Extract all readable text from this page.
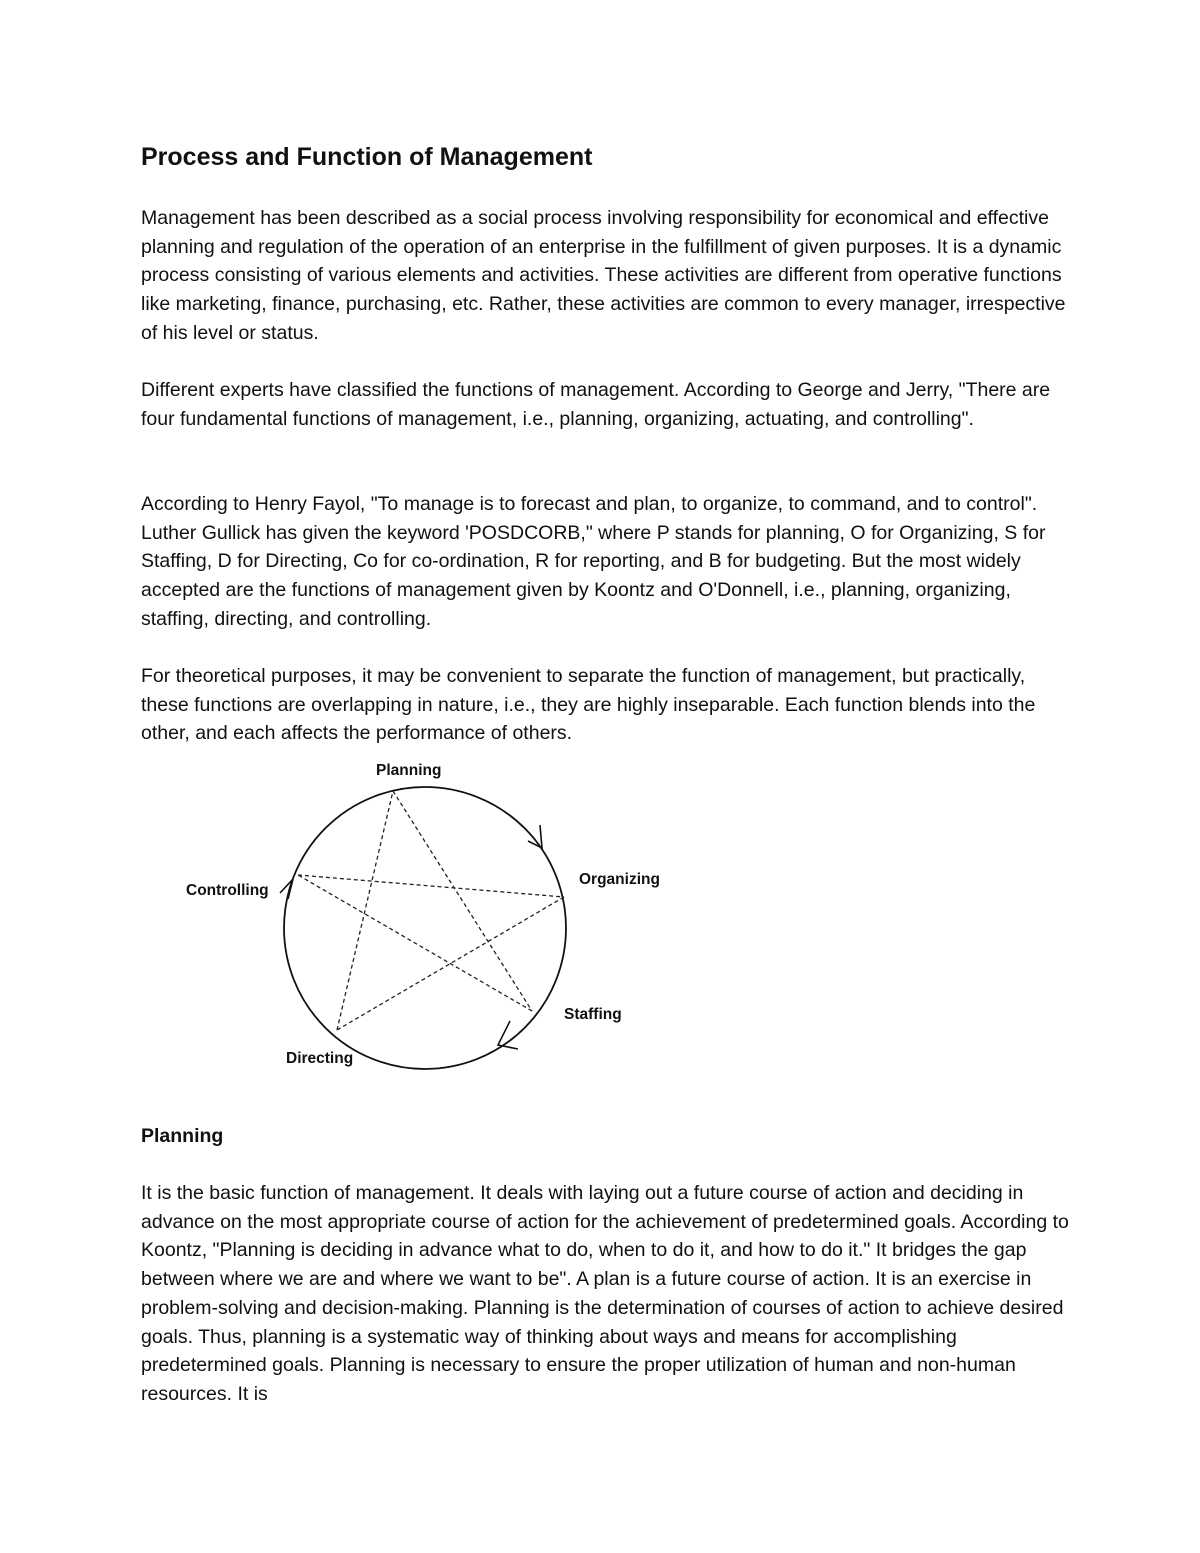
Process and Function of Management

Management has been described as a social process involving responsibility for economical and effective planning and regulation of the operation of an enterprise in the fulfillment of given purposes. It is a dynamic process consisting of various elements and activities. These activities are different from operative functions like marketing, finance, purchasing, etc. Rather, these activities are common to every manager, irrespective of his level or status.

Different experts have classified the functions of management. According to George and Jerry, "There are four fundamental functions of management, i.e., planning, organizing, actuating, and controlling".

According to Henry Fayol, "To manage is to forecast and plan, to organize, to command, and to control". Luther Gullick has given the keyword 'POSDCORB," where P stands for planning, O for Organizing, S for Staffing, D for Directing, Co for co-ordination, R for reporting, and B for budgeting. But the most widely accepted are the functions of management given by Koontz and O'Donnell, i.e., planning, organizing, staffing, directing, and controlling.

For theoretical purposes, it may be convenient to separate the function of management, but practically, these functions are overlapping in nature, i.e., they are highly inseparable. Each function blends into the other, and each affects the performance of others.

Planning
Organizing
Staffing
Directing
Controlling
Planning

It is the basic function of management. It deals with laying out a future course of action and deciding in advance on the most appropriate course of action for the achievement of predetermined goals. According to Koontz, "Planning is deciding in advance what to do, when to do it, and how to do it." It bridges the gap between where we are and where we want to be". A plan is a future course of action. It is an exercise in problem-solving and decision-making. Planning is the determination of courses of action to achieve desired goals. Thus, planning is a systematic way of thinking about ways and means for accomplishing predetermined goals. Planning is necessary to ensure the proper utilization of human and non-human resources. It is
